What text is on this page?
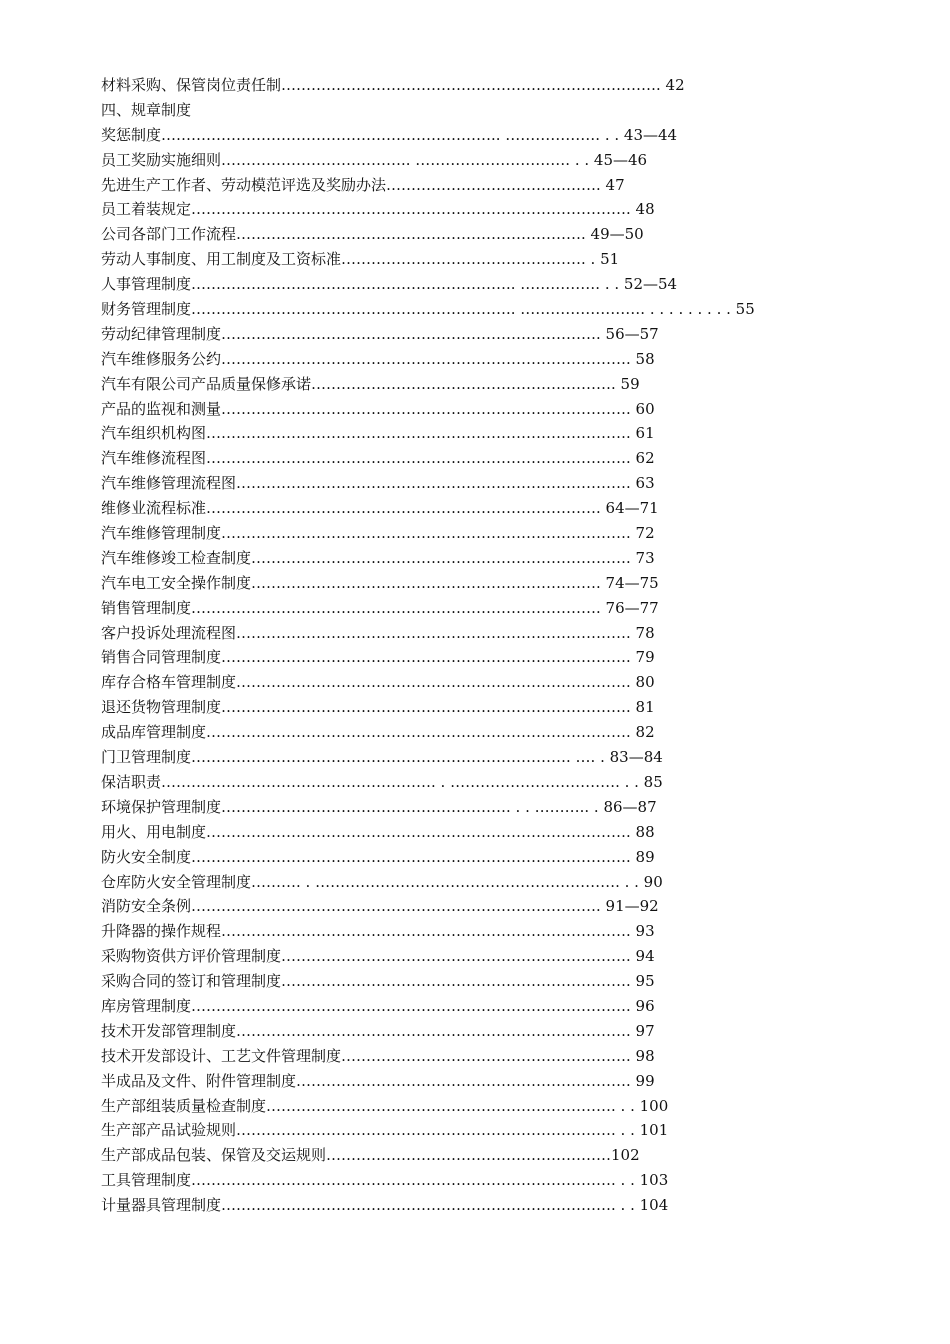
材料采购、保管岗位责任制…………………………………………………………………. 42
四、规章制度
奖惩制度………………………………………………………….. ………………. . . 43—44
员工奖励实施细则……………………………….. …………………………. . . 45—46
先进生产工作者、劳动模范评选及奖励办法……………………………………. 47
员工着装规定……………………………………………………………………………. 48
公司各部门工作流程……………………………………………………………. 49—50
劳动人事制度、用工制度及工资标准…………………………………………. . 51
人事管理制度……………………………………………………….. ……………. . . 52—54
财务管理制度……………………………………………………….. ……………………. . . . . . . . . . 55
劳动纪律管理制度…………………………………………………………………. 56—57
汽车维修服务公约………………………………………………………………………. 58
汽车有限公司产品质量保修承诺……………………………………………………. 59
产品的监视和测量………………………………………………………………………. 60
汽车组织机构图…………………………………………………………………………. 61
汽车维修流程图…………………………………………………………………………. 62
汽车维修管理流程图……………………………………………………………………. 63
维修业流程标准……………………………………………………………………. 64—71
汽车维修管理制度………………………………………………………………………. 72
汽车维修竣工检查制度…………………………………………………………………. 73
汽车电工安全操作制度……………………………………………………………. 74—75
销售管理制度………………………………………………………………………. 76—77
客户投诉处理流程图……………………………………………………………………. 78
销售合同管理制度………………………………………………………………………. 79
库存合格车管理制度……………………………………………………………………. 80
退还货物管理制度………………………………………………………………………. 81
成品库管理制度…………………………………………………………………………. 82
门卫管理制度…………………………………………………………………. …. . 83—84
保洁职责………………………………………………. . ……………………………. . . 85
环境保护管理制度…………………………………………………. . . ……….. . 86—87
用火、用电制度…………………………………………………………………………. 88
防火安全制度……………………………………………………………………………. 89
仓库防火安全管理制度………. . ……………………………………………………. . . 90
消防安全条例………………………………………………………………………. 91—92
升降器的操作规程………………………………………………………………………. 93
采购物资供方评价管理制度……………………………………………………………. 94
采购合同的签订和管理制度……………………………………………………………. 95
库房管理制度……………………………………………………………………………. 96
技术开发部管理制度……………………………………………………………………. 97
技术开发部设计、工艺文件管理制度…………………………………………………. 98
半成品及文件、附件管理制度…………………………………………………………. 99
生产部组装质量检查制度……………………………………………………………. . . 100
生产部产品试验规则…………………………………………………………………. . . 101
生产部成品包装、保管及交运规则…………………………………………………102
工具管理制度…………………………………………………………………………. . . 103
计量器具管理制度……………………………………………………………………. . . 104
